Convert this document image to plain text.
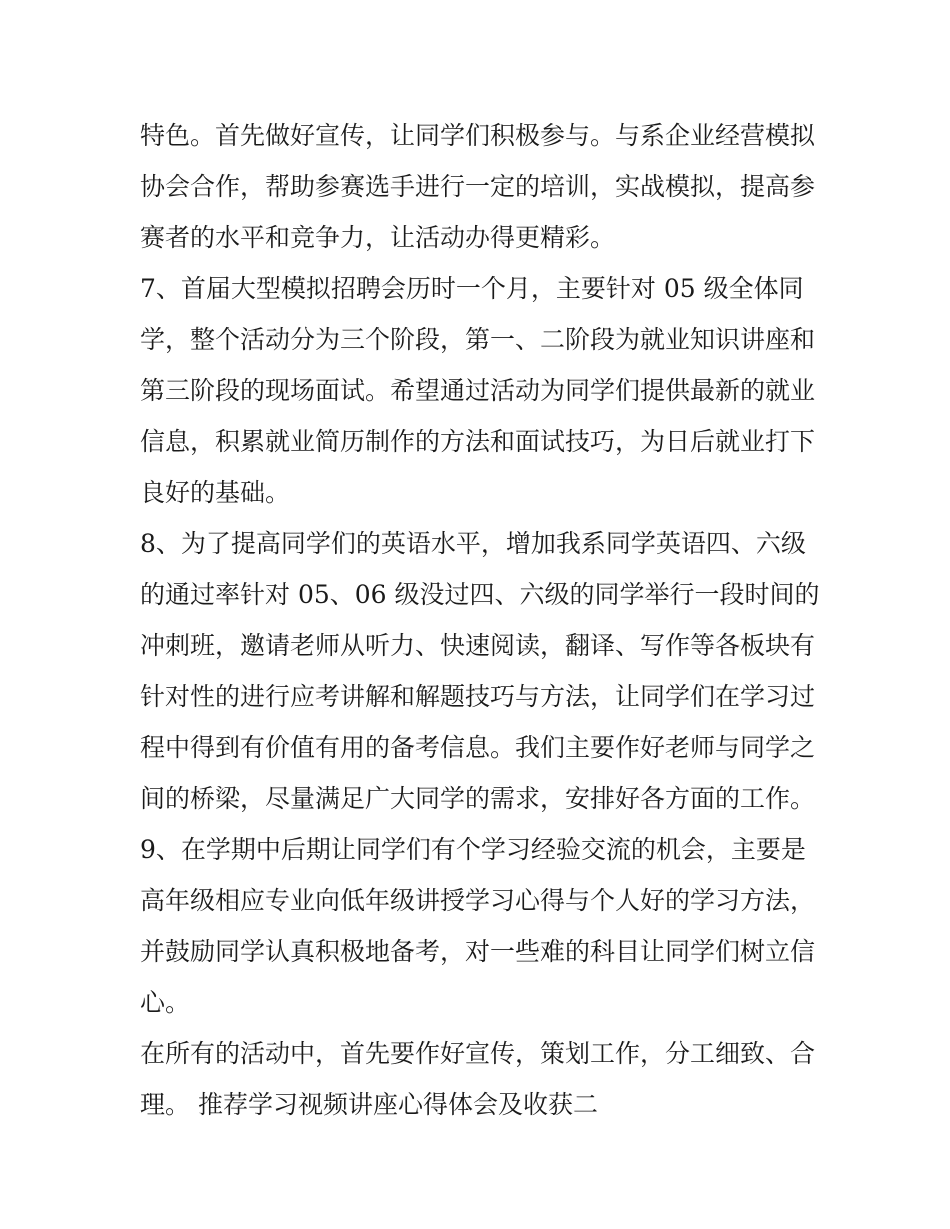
特色。首先做好宣传，让同学们积极参与。与系企业经营模拟
协会合作，帮助参赛选手进行一定的培训，实战模拟，提高参
赛者的水平和竞争力，让活动办得更精彩。
7、首届大型模拟招聘会历时一个月，主要针对 05 级全体同
学，整个活动分为三个阶段，第一、二阶段为就业知识讲座和
第三阶段的现场面试。希望通过活动为同学们提供最新的就业
信息，积累就业简历制作的方法和面试技巧，为日后就业打下
良好的基础。
8、为了提高同学们的英语水平，增加我系同学英语四、六级
的通过率针对 05、06 级没过四、六级的同学举行一段时间的
冲刺班，邀请老师从听力、快速阅读，翻译、写作等各板块有
针对性的进行应考讲解和解题技巧与方法，让同学们在学习过
程中得到有价值有用的备考信息。我们主要作好老师与同学之
间的桥梁，尽量满足广大同学的需求，安排好各方面的工作。
9、在学期中后期让同学们有个学习经验交流的机会，主要是
高年级相应专业向低年级讲授学习心得与个人好的学习方法，
并鼓励同学认真积极地备考，对一些难的科目让同学们树立信
心。
在所有的活动中，首先要作好宣传，策划工作，分工细致、合
理。 推荐学习视频讲座心得体会及收获二
